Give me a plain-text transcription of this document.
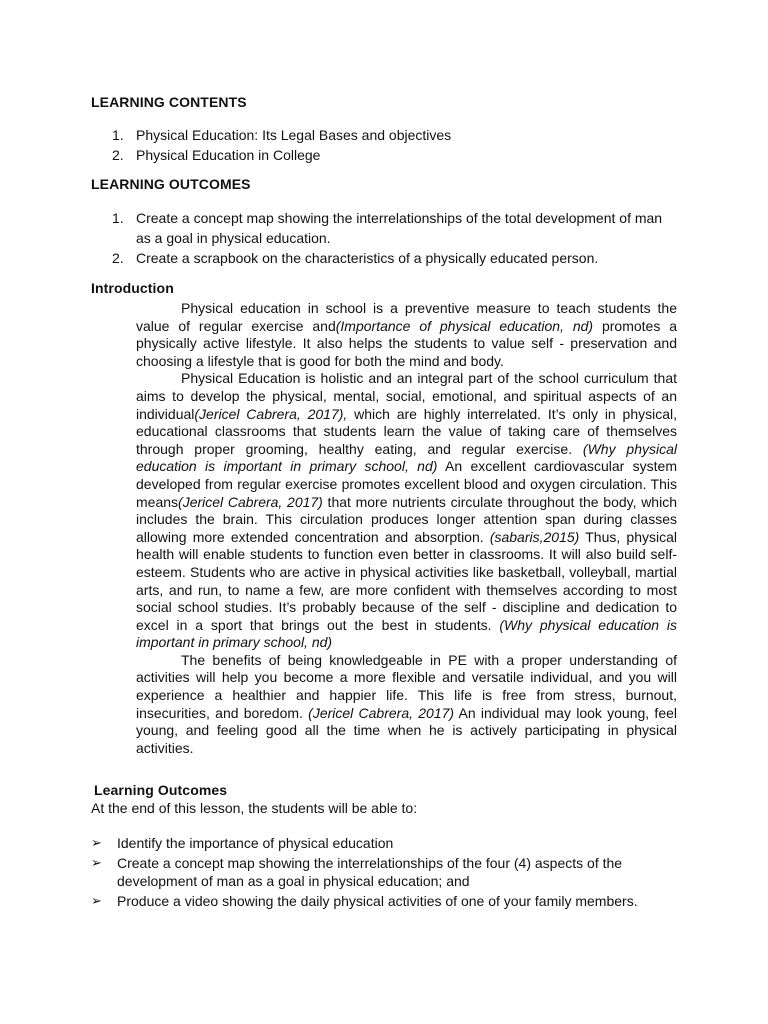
LEARNING CONTENTS
1. Physical Education: Its Legal Bases and objectives
2. Physical Education in College
LEARNING OUTCOMES
1. Create a concept map showing the interrelationships of the total development of man as a goal in physical education.
2. Create a scrapbook on the characteristics of a physically educated person.
Introduction

Physical education in school is a preventive measure to teach students the value of regular exercise and(Importance of physical education, nd) promotes a physically active lifestyle. It also helps the students to value self - preservation and choosing a lifestyle that is good for both the mind and body.

Physical Education is holistic and an integral part of the school curriculum that aims to develop the physical, mental, social, emotional, and spiritual aspects of an individual(Jericel Cabrera, 2017), which are highly interrelated. It’s only in physical, educational classrooms that students learn the value of taking care of themselves through proper grooming, healthy eating, and regular exercise. (Why physical education is important in primary school, nd) An excellent cardiovascular system developed from regular exercise promotes excellent blood and oxygen circulation. This means(Jericel Cabrera, 2017) that more nutrients circulate throughout the body, which includes the brain. This circulation produces longer attention span during classes allowing more extended concentration and absorption. (sabaris,2015) Thus, physical health will enable students to function even better in classrooms. It will also build self-esteem. Students who are active in physical activities like basketball, volleyball, martial arts, and run, to name a few, are more confident with themselves according to most social school studies. It’s probably because of the self - discipline and dedication to excel in a sport that brings out the best in students. (Why physical education is important in primary school, nd)

The benefits of being knowledgeable in PE with a proper understanding of activities will help you become a more flexible and versatile individual, and you will experience a healthier and happier life. This life is free from stress, burnout, insecurities, and boredom. (Jericel Cabrera, 2017) An individual may look young, feel young, and feeling good all the time when he is actively participating in physical activities.

Learning Outcomes
At the end of this lesson, the students will be able to:
➢ Identify the importance of physical education
➢ Create a concept map showing the interrelationships of the four (4) aspects of the development of man as a goal in physical education; and
➢ Produce a video showing the daily physical activities of one of your family members.
